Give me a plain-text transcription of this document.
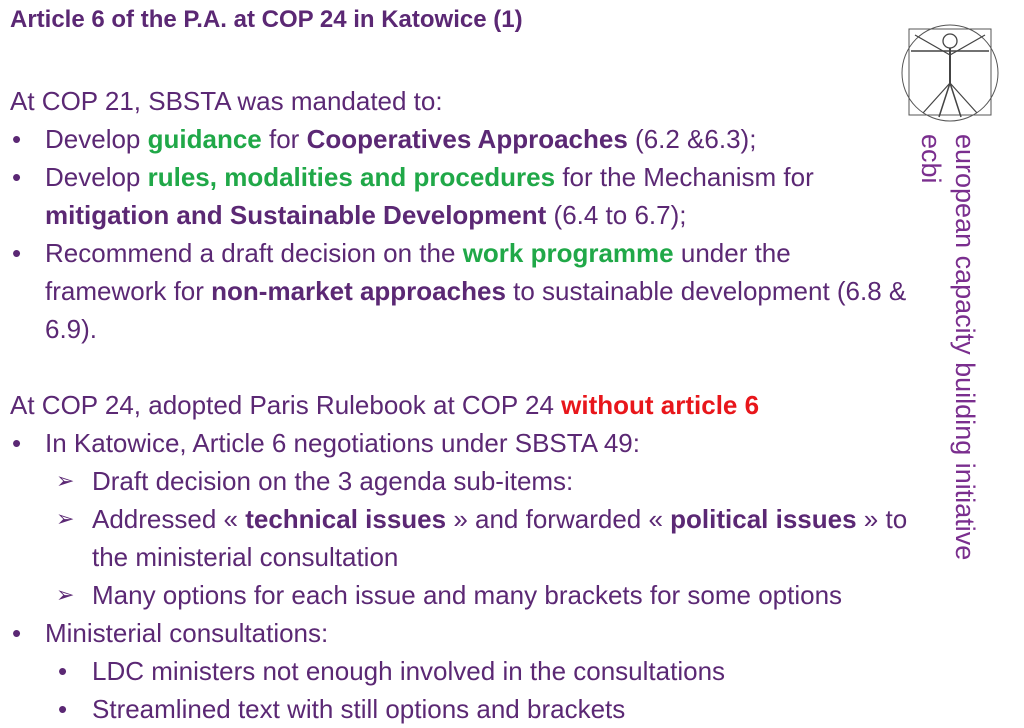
Article 6 of the P.A. at COP 24 in Katowice (1)
At COP 21, SBSTA was mandated to:
• Develop guidance for Cooperatives Approaches (6.2 &6.3);
• Develop rules, modalities and procedures for the Mechanism for mitigation and Sustainable Development (6.4 to 6.7);
• Recommend a draft decision on the work programme under the framework for non-market approaches to sustainable development (6.8 & 6.9).
At COP 24, adopted Paris Rulebook at COP 24 without article 6
• In Katowice, Article 6 negotiations under SBSTA 49:
➢ Draft decision on the 3 agenda sub-items:
➢ Addressed « technical issues » and forwarded « political issues » to the ministerial consultation
➢ Many options for each issue and many brackets for some options
• Ministerial consultations:
• LDC ministers not enough involved in the consultations
• Streamlined text with still options and brackets
european capacity building initiative
ecbi
